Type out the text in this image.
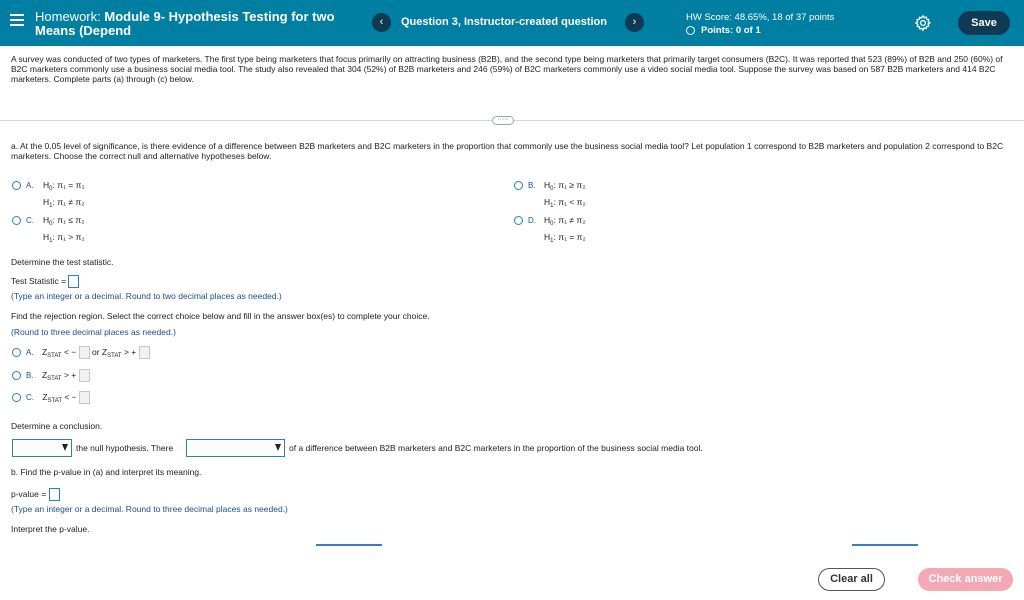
Homework: Module 9- Hypothesis Testing for two Means (Depend
‹	Question 3, Instructor-created question	›	HW Score: 48.65%, 18 of 37 points
Points: 0 of 1
Save
A survey was conducted of two types of marketers. The first type being marketers that focus primarily on attracting business (B2B), and the second type being marketers that primarily target consumers (B2C). It was reported that 523 (89%) of B2B and 250 (60%) of B2C marketers commonly use a business social media tool. The study also revealed that 304 (52%) of B2B marketers and 246 (59%) of B2C marketers commonly use a video social media tool. Suppose the survey was based on 587 B2B marketers and 414 B2C marketers. Complete parts (a) through (c) below.
·····
a. At the 0.05 level of significance, is there evidence of a difference between B2B marketers and B2C marketers in the proportion that commonly use the business social media tool? Let population 1 correspond to B2B marketers and population 2 correspond to B2C marketers. Choose the correct null and alternative hypotheses below.
A.	$H_0$: π₁ = π₂
$H_1$: π₁ ≠ π₂
B. $H_0$: π₁ ≥ π₂
$H_1$: π₁ < π₂
C.	$H_0$: π₁ ≤ π₂
$H_1$: π₁ > π₂
D. $H_0$: π₁ ≠ π₂
$H_1$: π₁ = π₂
Determine the test statistic.
Test Statistic =
(Type an integer or a decimal. Round to two decimal places as needed.)
Find the rejection region. Select the correct choice below and fill in the answer box(es) to complete your choice.
(Round to three decimal places as needed.)
A. $Z_{STAT}$ < − or $Z_{STAT}$ > +
B. $Z_{STAT}$ > +
C. $Z_{STAT}$ < −
Determine a conclusion.
the null hypothesis. There	of a difference between B2B marketers and B2C marketers in the proportion of the business social media tool.
b. Find the p-value in (a) and interpret its meaning.
p-value =
(Type an integer or a decimal. Round to three decimal places as needed.)
Interpret the p-value.
Clear all	Check answer
